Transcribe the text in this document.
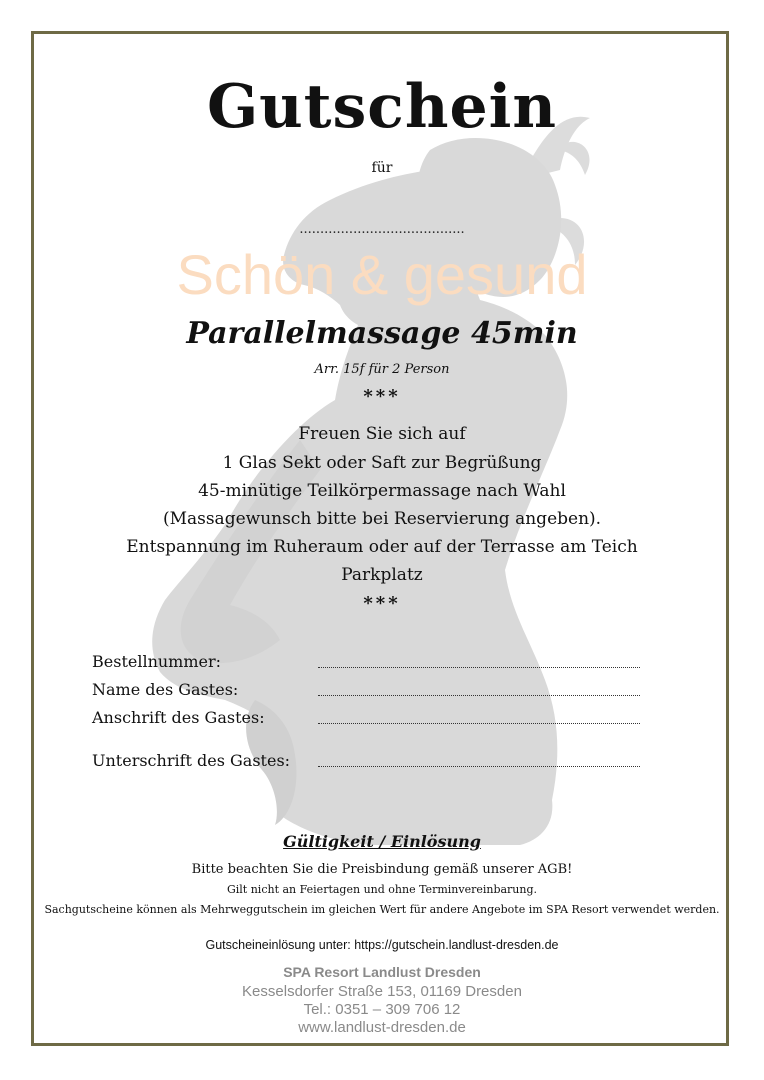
Gutschein
für
........................................
Schön & gesund
Parallelmassage 45min
Arr. 15f für 2 Person
***
Freuen Sie sich auf
1 Glas Sekt oder Saft zur Begrüßung
45-minütige Teilkörpermassage nach Wahl
(Massagewunsch bitte bei Reservierung angeben).
Entspannung im Ruheraum oder auf der Terrasse am Teich
Parkplatz
***
Bestellnummer:
Name des Gastes:
Anschrift des Gastes:
Unterschrift des Gastes:
Gültigkeit / Einlösung
Bitte beachten Sie die Preisbindung gemäß unserer AGB!
Gilt nicht an Feiertagen und ohne Terminvereinbarung.
Sachgutscheine können als Mehrweggutschein im gleichen Wert für andere Angebote im SPA Resort verwendet werden.
Gutscheineinlösung unter: https://gutschein.landlust-dresden.de
SPA Resort Landlust Dresden
Kesselsdorfer Straße 153, 01169 Dresden
Tel.: 0351 – 309 706 12
www.landlust-dresden.de
